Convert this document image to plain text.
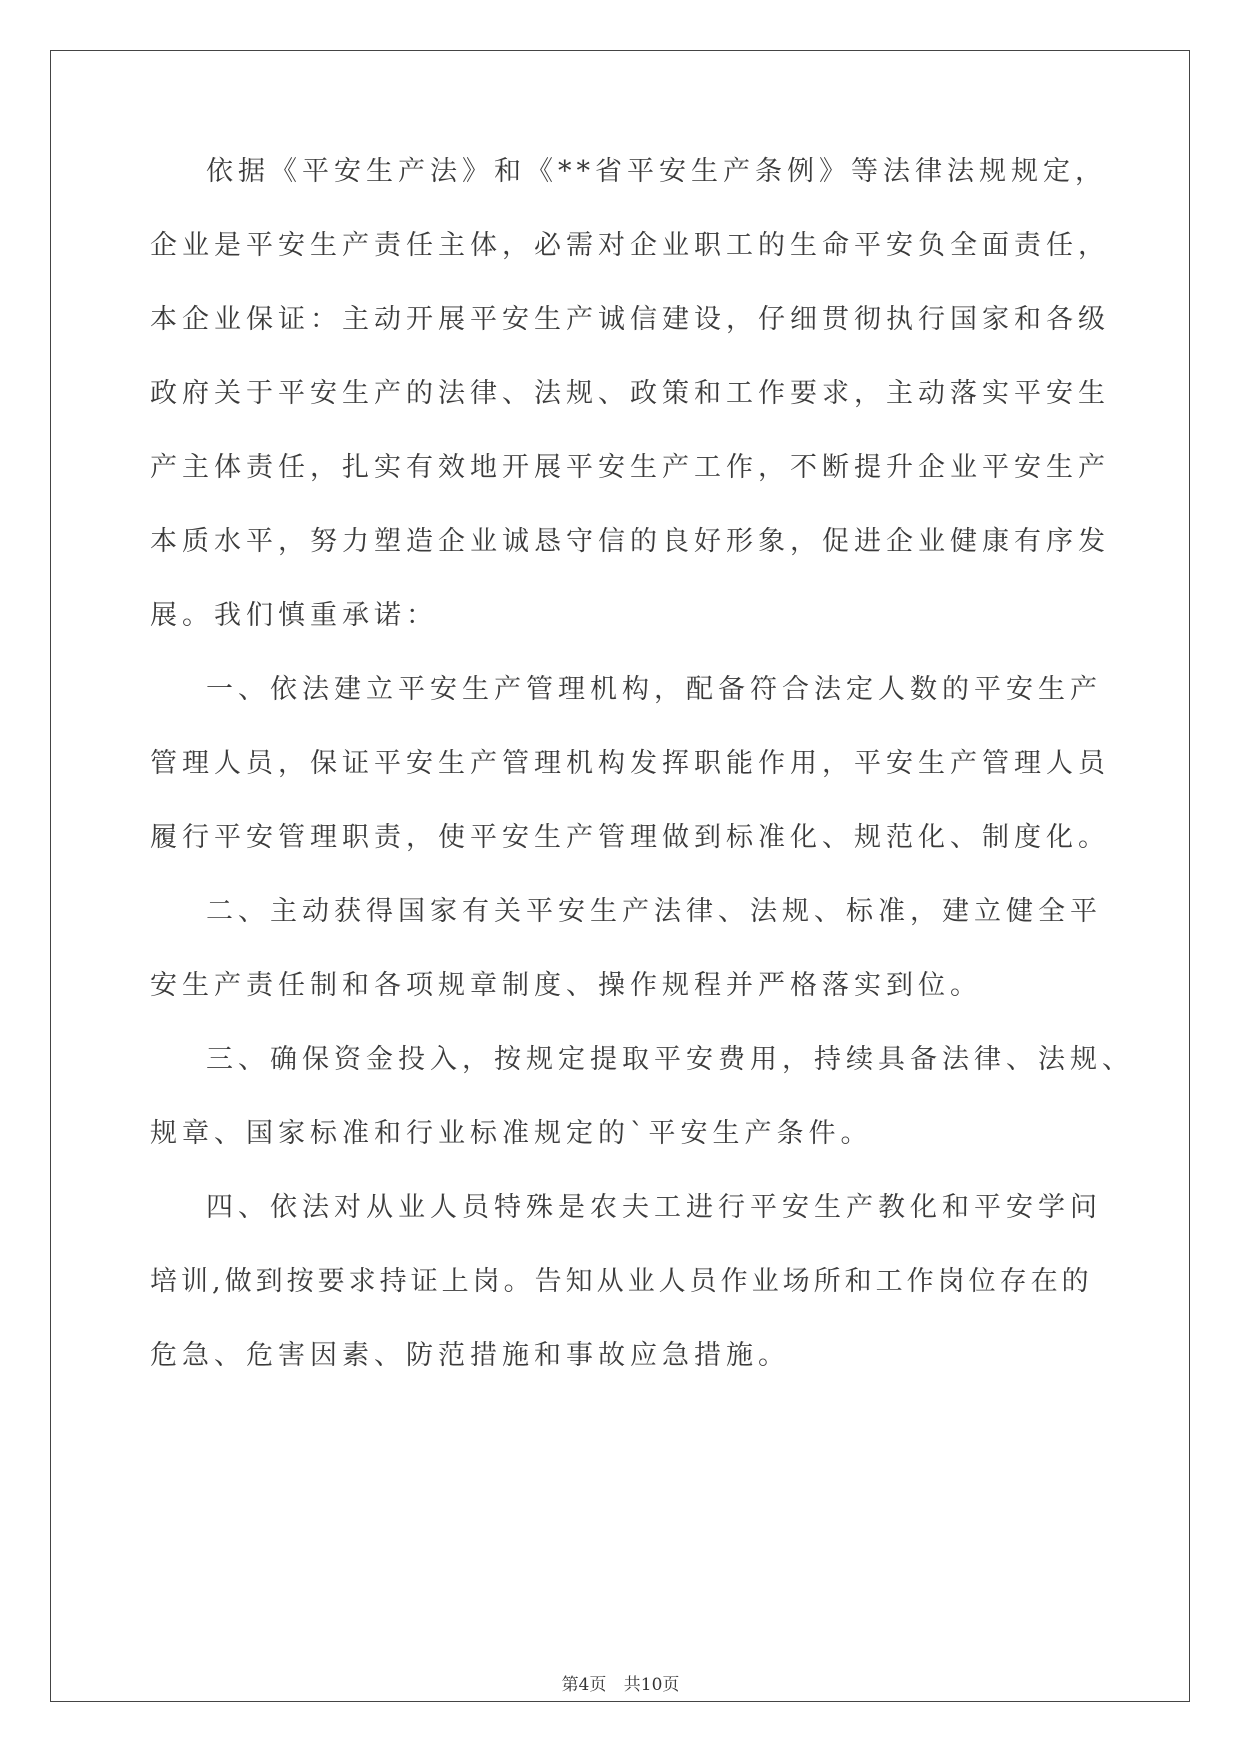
依据《平安生产法》和《**省平安生产条例》等法律法规规定，
企业是平安生产责任主体，必需对企业职工的生命平安负全面责任，
本企业保证：主动开展平安生产诚信建设，仔细贯彻执行国家和各级
政府关于平安生产的法律、法规、政策和工作要求，主动落实平安生
产主体责任，扎实有效地开展平安生产工作，不断提升企业平安生产
本质水平，努力塑造企业诚恳守信的良好形象，促进企业健康有序发
展。我们慎重承诺：
一、依法建立平安生产管理机构，配备符合法定人数的平安生产
管理人员，保证平安生产管理机构发挥职能作用，平安生产管理人员
履行平安管理职责，使平安生产管理做到标准化、规范化、制度化。
二、主动获得国家有关平安生产法律、法规、标准，建立健全平
安生产责任制和各项规章制度、操作规程并严格落实到位。
三、确保资金投入，按规定提取平安费用，持续具备法律、法规、
规章、国家标准和行业标准规定的`平安生产条件。
四、依法对从业人员特殊是农夫工进行平安生产教化和平安学问
培训,做到按要求持证上岗。告知从业人员作业场所和工作岗位存在的
危急、危害因素、防范措施和事故应急措施。
第4页 共10页
